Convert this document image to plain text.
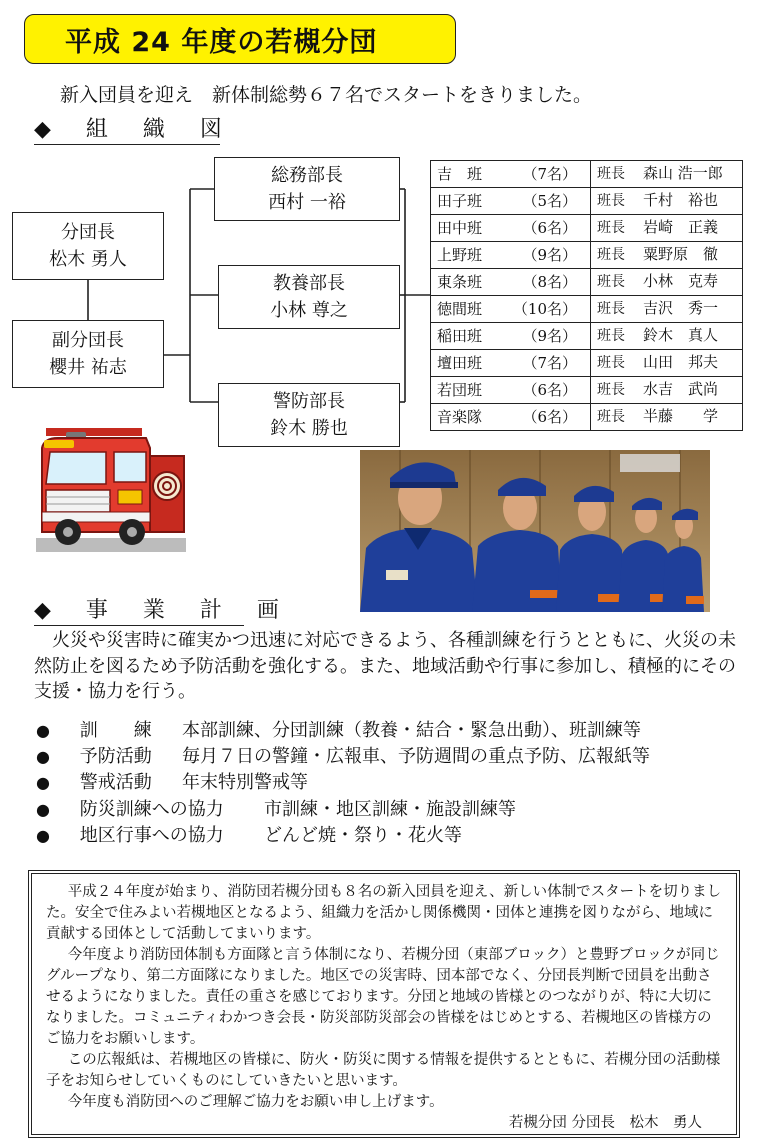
平成 24 年度の若槻分団
新入団員を迎え　新体制総勢６７名でスタートをきりました。
◆ 組 織 図
分団長
松木 勇人
副分団長
櫻井 祐志
総務部長
西村 一裕
教養部長
小林 尊之
警防部長
鈴木 勝也
吉　班 （7名）	班長 森山 浩一郎
田子班 （5名）	班長 千村　裕也
田中班 （6名）	班長 岩崎　正義
上野班 （9名）	班長 粟野原　徹
東条班 （8名）	班長 小林　克寿
徳間班 （10名）	班長 吉沢　秀一
稲田班 （9名）	班長 鈴木　真人
壇田班 （7名）	班長 山田　邦夫
若団班 （6名）	班長 水吉　武尚
音楽隊 （6名）	班長 半藤　　学
◆ 事 業 計 画

火災や災害時に確実かつ迅速に対応できるよう、各種訓練を行うとともに、火災の未然防止を図るため予防活動を強化する。また、地域活動や行事に参加し、積極的にその支援・協力を行う。

● 訓　　練 本部訓練、分団訓練（教養・結合・緊急出動）、班訓練等
● 予防活動 毎月７日の警鐘・広報車、予防週間の重点予防、広報紙等
● 警戒活動 年末特別警戒等
● 防災訓練への協力 市訓練・地区訓練・施設訓練等
● 地区行事への協力 どんど焼・祭り・花火等

平成２４年度が始まり、消防団若槻分団も８名の新入団員を迎え、新しい体制でスタートを切りました。安全で住みよい若槻地区となるよう、組織力を活かし関係機関・団体と連携を図りながら、地域に貢献する団体として活動してまいります。

今年度より消防団体制も方面隊と言う体制になり、若槻分団（東部ブロック）と豊野ブロックが同じグループなり、第二方面隊になりました。地区での災害時、団本部でなく、分団長判断で団員を出動させるようになりました。責任の重さを感じております。分団と地域の皆様とのつながりが、特に大切になりました。コミュニティわかつき会長・防災部防災部会の皆様をはじめとする、若槻地区の皆様方のご協力をお願いします。

この広報紙は、若槻地区の皆様に、防火・防災に関する情報を提供するとともに、若槻分団の活動様子をお知らせしていくものにしていきたいと思います。

今年度も消防団へのご理解ご協力をお願い申し上げます。

若槻分団 分団長　松木　勇人
